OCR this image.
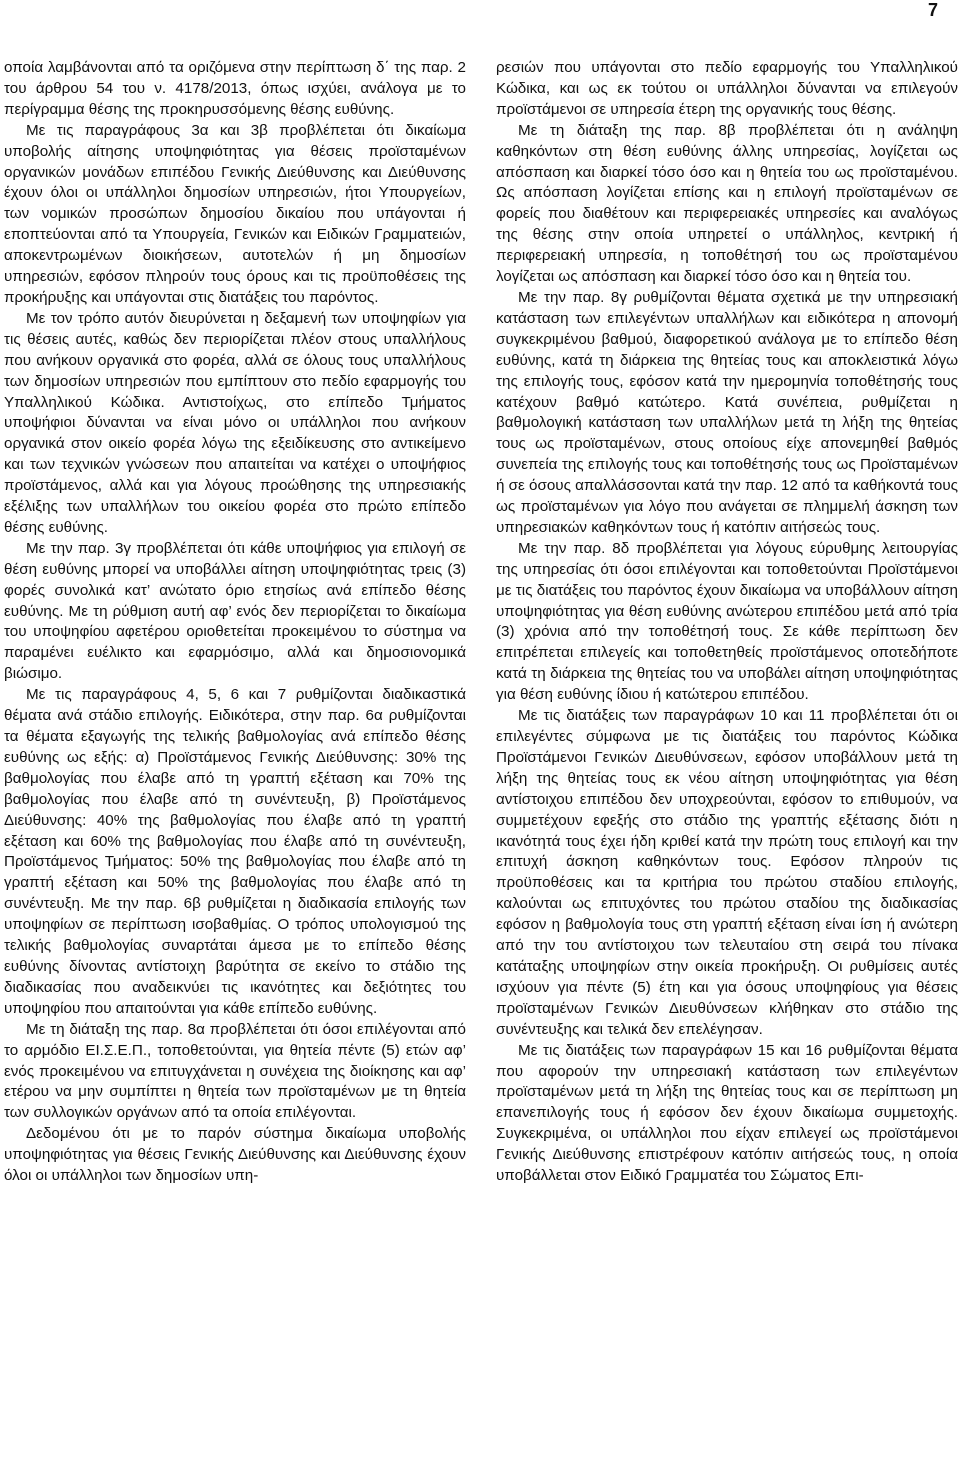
7

οποία λαμβάνονται από τα οριζόμενα στην περίπτωση δ΄ της παρ. 2 του άρθρου 54 του ν. 4178/2013, όπως ισχύει, ανάλογα με το περίγραμμα θέσης της προκηρυσσόμενης θέσης ευθύνης.

Με τις παραγράφους 3α και 3β προβλέπεται ότι δικαίωμα υποβολής αίτησης υποψηφιότητας για θέσεις προϊσταμένων οργανικών μονάδων επιπέδου Γενικής Διεύθυνσης και Διεύθυνσης έχουν όλοι οι υπάλληλοι δημοσίων υπηρεσιών, ήτοι Υπουργείων, των νομικών προσώπων δημοσίου δικαίου που υπάγονται ή εποπτεύονται από τα Υπουργεία, Γενικών και Ειδικών Γραμματειών, αποκεντρωμένων διοικήσεων, αυτοτελών ή μη δημοσίων υπηρεσιών, εφόσον πληρούν τους όρους και τις προϋποθέσεις της προκήρυξης και υπάγονται στις διατάξεις του παρόντος.

Με τον τρόπο αυτόν διευρύνεται η δεξαμενή των υποψηφίων για τις θέσεις αυτές, καθώς δεν περιορίζεται πλέον στους υπαλλήλους που ανήκουν οργανικά στο φορέα, αλλά σε όλους τους υπαλλήλους των δημοσίων υπηρεσιών που εμπίπτουν στο πεδίο εφαρμογής του Υπαλληλικού Κώδικα. Αντιστοίχως, στο επίπεδο Τμήματος υποψήφιοι δύνανται να είναι μόνο οι υπάλληλοι που ανήκουν οργανικά στον οικείο φορέα λόγω της εξειδίκευσης στο αντικείμενο και των τεχνικών γνώσεων που απαιτείται να κατέχει ο υποψήφιος προϊστάμενος, αλλά και για λόγους προώθησης της υπηρεσιακής εξέλιξης των υπαλλήλων του οικείου φορέα στο πρώτο επίπεδο θέσης ευθύνης.

Με την παρ. 3γ προβλέπεται ότι κάθε υποψήφιος για επιλογή σε θέση ευθύνης μπορεί να υποβάλλει αίτηση υποψηφιότητας τρεις (3) φορές συνολικά κατ’ ανώτατο όριο ετησίως ανά επίπεδο θέσης ευθύνης. Με τη ρύθμιση αυτή αφ’ ενός δεν περιορίζεται το δικαίωμα του υποψηφίου αφετέρου οριοθετείται προκειμένου το σύστημα να παραμένει ευέλικτο και εφαρμόσιμο, αλλά και δημοσιονομικά βιώσιμο.

Με τις παραγράφους 4, 5, 6 και 7 ρυθμίζονται διαδικαστικά θέματα ανά στάδιο επιλογής. Ειδικότερα, στην παρ. 6α ρυθμίζονται τα θέματα εξαγωγής της τελικής βαθμολογίας ανά επίπεδο θέσης ευθύνης ως εξής: α) Προϊστάμενος Γενικής Διεύθυνσης: 30% της βαθμολογίας που έλαβε από τη γραπτή εξέταση και 70% της βαθμολογίας που έλαβε από τη συνέντευξη, β) Προϊστάμενος Διεύθυνσης: 40% της βαθμολογίας που έλαβε από τη γραπτή εξέταση και 60% της βαθμολογίας που έλαβε από τη συνέντευξη, Προϊστάμενος Τμήματος: 50% της βαθμολογίας που έλαβε από τη γραπτή εξέταση και 50% της βαθμολογίας που έλαβε από τη συνέντευξη. Με την παρ. 6β ρυθμίζεται η διαδικασία επιλογής των υποψηφίων σε περίπτωση ισοβαθμίας. Ο τρόπος υπολογισμού της τελικής βαθμολογίας συναρτάται άμεσα με το επίπεδο θέσης ευθύνης δίνοντας αντίστοιχη βαρύτητα σε εκείνο το στάδιο της διαδικασίας που αναδεικνύει τις ικανότητες και δεξιότητες του υποψηφίου που απαιτούνται για κάθε επίπεδο ευθύνης.

Με τη διάταξη της παρ. 8α προβλέπεται ότι όσοι επιλέγονται από το αρμόδιο ΕΙ.Σ.Ε.Π., τοποθετούνται, για θητεία πέντε (5) ετών αφ’ ενός προκειμένου να επιτυγχάνεται η συνέχεια της διοίκησης και αφ’ ετέρου να μην συμπίπτει η θητεία των προϊσταμένων με τη θητεία των συλλογικών οργάνων από τα οποία επιλέγονται.

Δεδομένου ότι με το παρόν σύστημα δικαίωμα υποβολής υποψηφιότητας για θέσεις Γενικής Διεύθυνσης και Διεύθυνσης έχουν όλοι οι υπάλληλοι των δημοσίων υπη-

ρεσιών που υπάγονται στο πεδίο εφαρμογής του Υπαλληλικού Κώδικα, και ως εκ τούτου οι υπάλληλοι δύνανται να επιλεγούν προϊστάμενοι σε υπηρεσία έτερη της οργανικής τους θέσης.

Με τη διάταξη της παρ. 8β προβλέπεται ότι η ανάληψη καθηκόντων στη θέση ευθύνης άλλης υπηρεσίας, λογίζεται ως απόσπαση και διαρκεί τόσο όσο και η θητεία του ως προϊσταμένου. Ως απόσπαση λογίζεται επίσης και η επιλογή προϊσταμένων σε φορείς που διαθέτουν και περιφερειακές υπηρεσίες και αναλόγως της θέσης στην οποία υπηρετεί ο υπάλληλος, κεντρική ή περιφερειακή υπηρεσία, η τοποθέτησή του ως προϊσταμένου λογίζεται ως απόσπαση και διαρκεί τόσο όσο και η θητεία του.

Με την παρ. 8γ ρυθμίζονται θέματα σχετικά με την υπηρεσιακή κατάσταση των επιλεγέντων υπαλλήλων και ειδικότερα η απονομή συγκεκριμένου βαθμού, διαφορετικού ανάλογα με το επίπεδο θέση ευθύνης, κατά τη διάρκεια της θητείας τους και αποκλειστικά λόγω της επιλογής τους, εφόσον κατά την ημερομηνία τοποθέτησής τους κατέχουν βαθμό κατώτερο. Κατά συνέπεια, ρυθμίζεται η βαθμολογική κατάσταση των υπαλλήλων μετά τη λήξη της θητείας τους ως προϊσταμένων, στους οποίους είχε απονεμηθεί βαθμός συνεπεία της επιλογής τους και τοποθέτησής τους ως Προϊσταμένων ή σε όσους απαλλάσσονται κατά την παρ. 12 από τα καθήκοντά τους ως προϊσταμένων για λόγο που ανάγεται σε πλημμελή άσκηση των υπηρεσιακών καθηκόντων τους ή κατόπιν αιτήσεώς τους.

Με την παρ. 8δ προβλέπεται για λόγους εύρυθμης λειτουργίας της υπηρεσίας ότι όσοι επιλέγονται και τοποθετούνται Προϊστάμενοι με τις διατάξεις του παρόντος έχουν δικαίωμα να υποβάλλουν αίτηση υποψηφιότητας για θέση ευθύνης ανώτερου επιπέδου μετά από τρία (3) χρόνια από την τοποθέτησή τους. Σε κάθε περίπτωση δεν επιτρέπεται επιλεγείς και τοποθετηθείς προϊστάμενος οποτεδήποτε κατά τη διάρκεια της θητείας του να υποβάλει αίτηση υποψηφιότητας για θέση ευθύνης ίδιου ή κατώτερου επιπέδου.

Με τις διατάξεις των παραγράφων 10 και 11 προβλέπεται ότι οι επιλεγέντες σύμφωνα με τις διατάξεις του παρόντος Κώδικα Προϊστάμενοι Γενικών Διευθύνσεων, εφόσον υποβάλλουν μετά τη λήξη της θητείας τους εκ νέου αίτηση υποψηφιότητας για θέση αντίστοιχου επιπέδου δεν υποχρεούνται, εφόσον το επιθυμούν, να συμμετέχουν εφεξής στο στάδιο της γραπτής εξέτασης διότι η ικανότητά τους έχει ήδη κριθεί κατά την πρώτη τους επιλογή και την επιτυχή άσκηση καθηκόντων τους. Εφόσον πληρούν τις προϋποθέσεις και τα κριτήρια του πρώτου σταδίου επιλογής, καλούνται ως επιτυχόντες του πρώτου σταδίου της διαδικασίας εφόσον η βαθμολογία τους στη γραπτή εξέταση είναι ίση ή ανώτερη από την του αντίστοιχου των τελευταίου στη σειρά του πίνακα κατάταξης υποψηφίων στην οικεία προκήρυξη. Οι ρυθμίσεις αυτές ισχύουν για πέντε (5) έτη και για όσους υποψηφίους για θέσεις προϊσταμένων Γενικών Διευθύνσεων κλήθηκαν στο στάδιο της συνέντευξης και τελικά δεν επελέγησαν.

Με τις διατάξεις των παραγράφων 15 και 16 ρυθμίζονται θέματα που αφορούν την υπηρεσιακή κατάσταση των επιλεγέντων προϊσταμένων μετά τη λήξη της θητείας τους και σε περίπτωση μη επανεπιλογής τους ή εφόσον δεν έχουν δικαίωμα συμμετοχής. Συγκεκριμένα, οι υπάλληλοι που είχαν επιλεγεί ως προϊστάμενοι Γενικής Διεύθυνσης επιστρέφουν κατόπιν αιτήσεώς τους, η οποία υποβάλλεται στον Ειδικό Γραμματέα του Σώματος Επι-
